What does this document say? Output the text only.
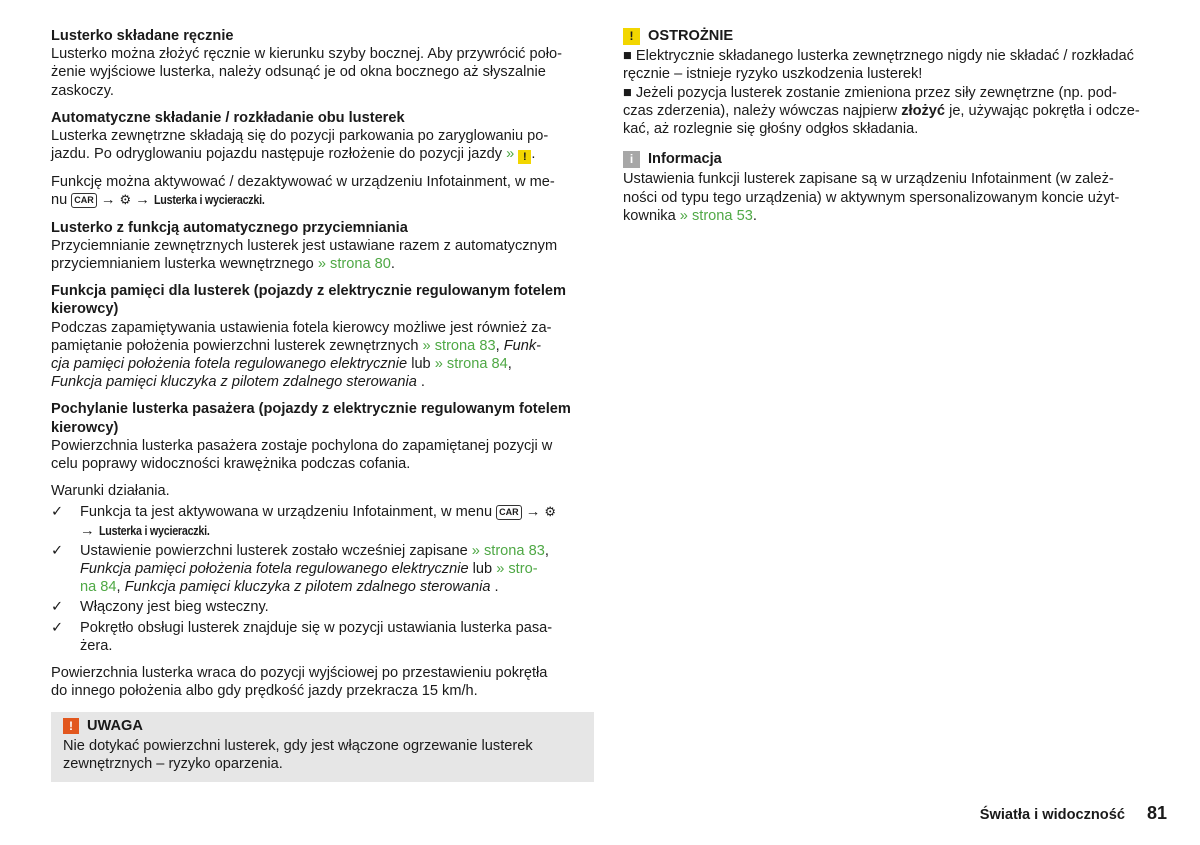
Lusterko składane ręcznie

Lusterko można złożyć ręcznie w kierunku szyby bocznej. Aby przywrócić poło-

żenie wyjściowe lusterka, należy odsunąć je od okna bocznego aż słyszalnie

zaskoczy.

Automatyczne składanie / rozkładanie obu lusterek

Lusterka zewnętrzne składają się do pozycji parkowania po zaryglowaniu po-

jazdu. Po odryglowaniu pojazdu następuje rozłożenie do pozycji jazdy » ! .

Funkcję można aktywować / dezaktywować w urządzeniu Infotainment, w me-

nu CAR → ⚙ → Lusterka i wycieraczki.

Lusterko z funkcją automatycznego przyciemniania

Przyciemnianie zewnętrznych lusterek jest ustawiane razem z automatycznym

przyciemnianiem lusterka wewnętrznego » strona 80.

Funkcja pamięci dla lusterek (pojazdy z elektrycznie regulowanym fotelem

kierowcy)

Podczas zapamiętywania ustawienia fotela kierowcy możliwe jest również za-

pamiętanie położenia powierzchni lusterek zewnętrznych » strona 83, Funk-

cja pamięci położenia fotela regulowanego elektrycznie lub » strona 84,

Funkcja pamięci kluczyka z pilotem zdalnego sterowania .

Pochylanie lusterka pasażera (pojazdy z elektrycznie regulowanym fotelem

kierowcy)

Powierzchnia lusterka pasażera zostaje pochylona do zapamiętanej pozycji w

celu poprawy widoczności krawężnika podczas cofania.

Warunki działania.

✓ Funkcja ta jest aktywowana w urządzeniu Infotainment, w menu CAR → ⚙
→ Lusterka i wycieraczki.
✓ Ustawienie powierzchni lusterek zostało wcześniej zapisane » strona 83,
Funkcja pamięci położenia fotela regulowanego elektrycznie lub » stro-
na 84, Funkcja pamięci kluczyka z pilotem zdalnego sterowania .
✓ Włączony jest bieg wsteczny.
✓ Pokrętło obsługi lusterek znajduje się w pozycji ustawiania lusterka pasa-
żera.

Powierzchnia lusterka wraca do pozycji wyjściowej po przestawieniu pokrętła

do innego położenia albo gdy prędkość jazdy przekracza 15 km/h.

! UWAGA

Nie dotykać powierzchni lusterek, gdy jest włączone ogrzewanie lusterek

zewnętrznych – ryzyko oparzenia.

! OSTROŻNIE

■ Elektrycznie składanego lusterka zewnętrznego nigdy nie składać / rozkładać

ręcznie – istnieje ryzyko uszkodzenia lusterek!

■ Jeżeli pozycja lusterek zostanie zmieniona przez siły zewnętrzne (np. pod-

czas zderzenia), należy wówczas najpierw złożyć je, używając pokrętła i odcze-

kać, aż rozlegnie się głośny odgłos składania.

i	Informacja

Ustawienia funkcji lusterek zapisane są w urządzeniu Infotainment (w zależ-

ności od typu tego urządzenia) w aktywnym spersonalizowanym koncie użyt-

kownika » strona 53.

Światła i widoczność 81
